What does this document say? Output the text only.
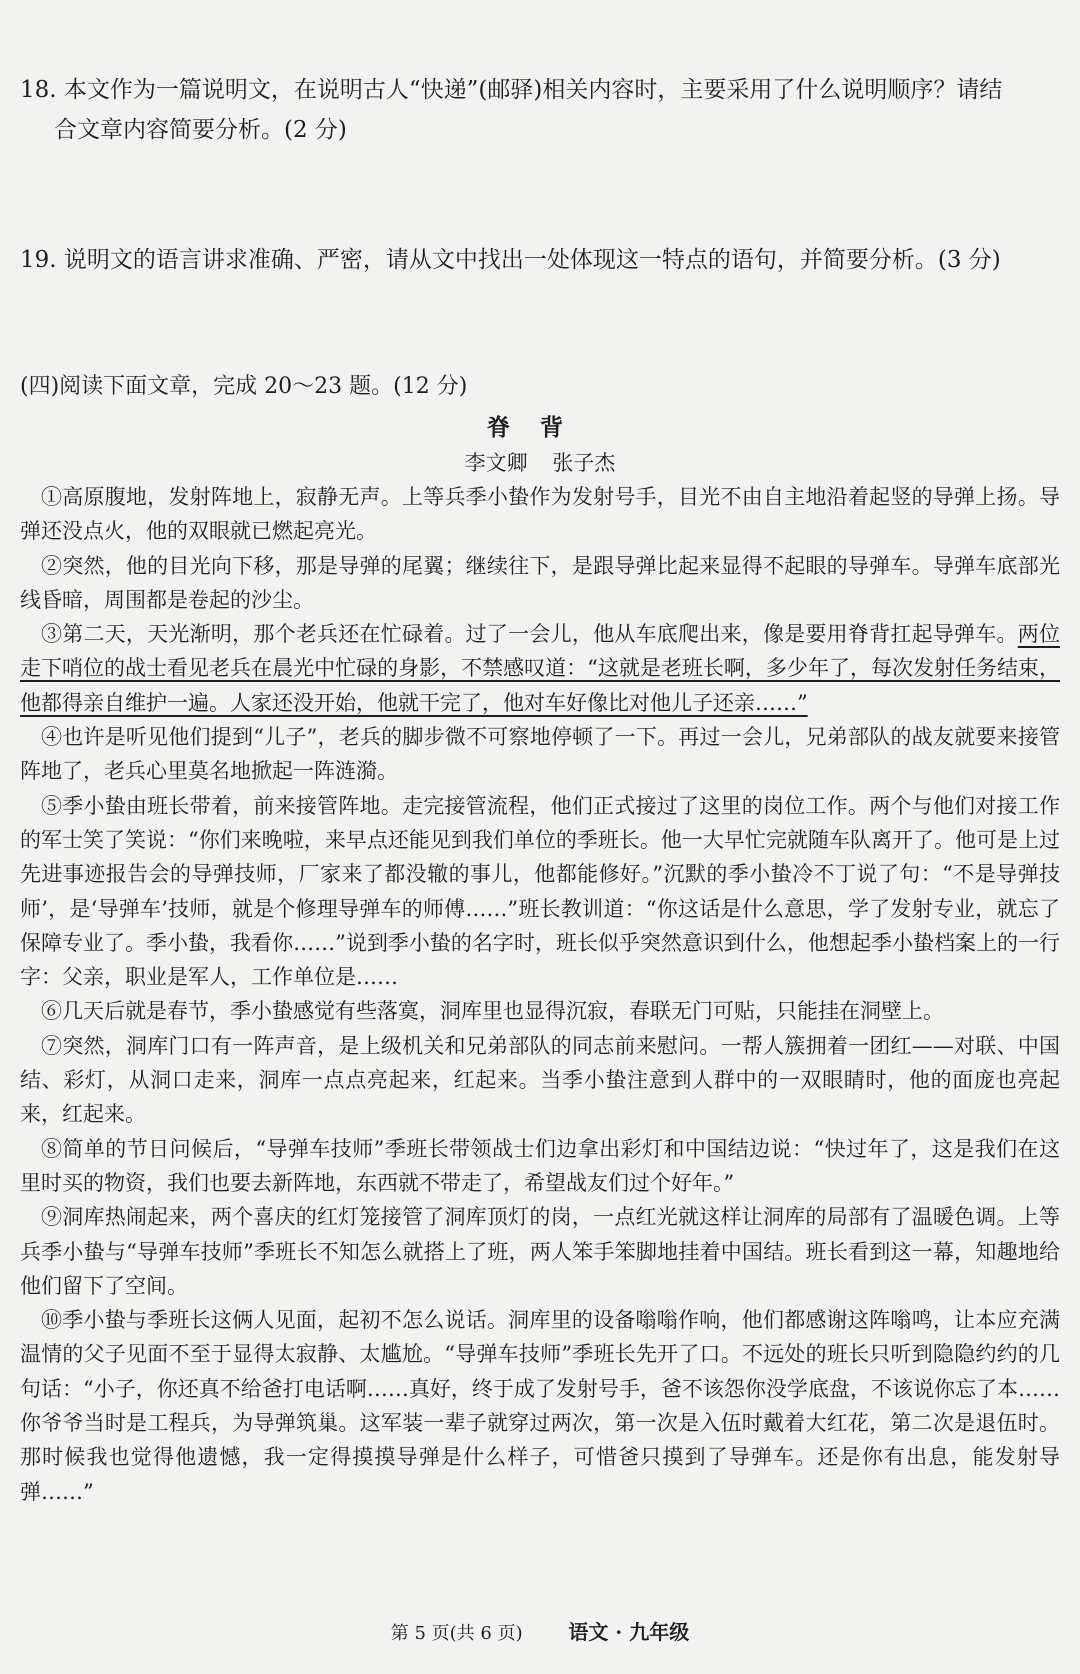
18. 本文作为一篇说明文，在说明古人“快递”(邮驿)相关内容时，主要采用了什么说明顺序？请结
合文章内容简要分析。(2 分)
19. 说明文的语言讲求准确、严密，请从文中找出一处体现这一特点的语句，并简要分析。(3 分)
(四)阅读下面文章，完成 20～23 题。(12 分)
脊背
李文卿 张子杰

①高原腹地，发射阵地上，寂静无声。上等兵季小蛰作为发射号手，目光不由自主地沿着起竖的导弹上扬。导弹还没点火，他的双眼就已燃起亮光。

②突然，他的目光向下移，那是导弹的尾翼；继续往下，是跟导弹比起来显得不起眼的导弹车。导弹车底部光线昏暗，周围都是卷起的沙尘。

③第二天，天光渐明，那个老兵还在忙碌着。过了一会儿，他从车底爬出来，像是要用脊背扛起导弹车。两位走下哨位的战士看见老兵在晨光中忙碌的身影，不禁感叹道：“这就是老班长啊，多少年了，每次发射任务结束，他都得亲自维护一遍。人家还没开始，他就干完了，他对车好像比对他儿子还亲……”

④也许是听见他们提到“儿子”，老兵的脚步微不可察地停顿了一下。再过一会儿，兄弟部队的战友就要来接管阵地了，老兵心里莫名地掀起一阵涟漪。

⑤季小蛰由班长带着，前来接管阵地。走完接管流程，他们正式接过了这里的岗位工作。两个与他们对接工作的军士笑了笑说：“你们来晚啦，来早点还能见到我们单位的季班长。他一大早忙完就随车队离开了。他可是上过先进事迹报告会的导弹技师，厂家来了都没辙的事儿，他都能修好。”沉默的季小蛰冷不丁说了句：“不是导弹技师’，是‘导弹车’技师，就是个修理导弹车的师傅……”班长教训道：“你这话是什么意思，学了发射专业，就忘了保障专业了。季小蛰，我看你……”说到季小蛰的名字时，班长似乎突然意识到什么，他想起季小蛰档案上的一行字：父亲，职业是军人，工作单位是……

⑥几天后就是春节，季小蛰感觉有些落寞，洞库里也显得沉寂，春联无门可贴，只能挂在洞壁上。

⑦突然，洞库门口有一阵声音，是上级机关和兄弟部队的同志前来慰问。一帮人簇拥着一团红——对联、中国结、彩灯，从洞口走来，洞库一点点亮起来，红起来。当季小蛰注意到人群中的一双眼睛时，他的面庞也亮起来，红起来。

⑧简单的节日问候后，“导弹车技师”季班长带领战士们边拿出彩灯和中国结边说：“快过年了，这是我们在这里时买的物资，我们也要去新阵地，东西就不带走了，希望战友们过个好年。”

⑨洞库热闹起来，两个喜庆的红灯笼接管了洞库顶灯的岗，一点红光就这样让洞库的局部有了温暖色调。上等兵季小蛰与“导弹车技师”季班长不知怎么就搭上了班，两人笨手笨脚地挂着中国结。班长看到这一幕，知趣地给他们留下了空间。

⑩季小蛰与季班长这俩人见面，起初不怎么说话。洞库里的设备嗡嗡作响，他们都感谢这阵嗡鸣，让本应充满温情的父子见面不至于显得太寂静、太尴尬。“导弹车技师”季班长先开了口。不远处的班长只听到隐隐约约的几句话：“小子，你还真不给爸打电话啊……真好，终于成了发射号手，爸不该怨你没学底盘，不该说你忘了本……你爷爷当时是工程兵，为导弹筑巢。这军装一辈子就穿过两次，第一次是入伍时戴着大红花，第二次是退伍时。那时候我也觉得他遗憾，我一定得摸摸导弹是什么样子，可惜爸只摸到了导弹车。还是你有出息，能发射导弹……”

第 5 页(共 6 页) 语文 · 九年级
